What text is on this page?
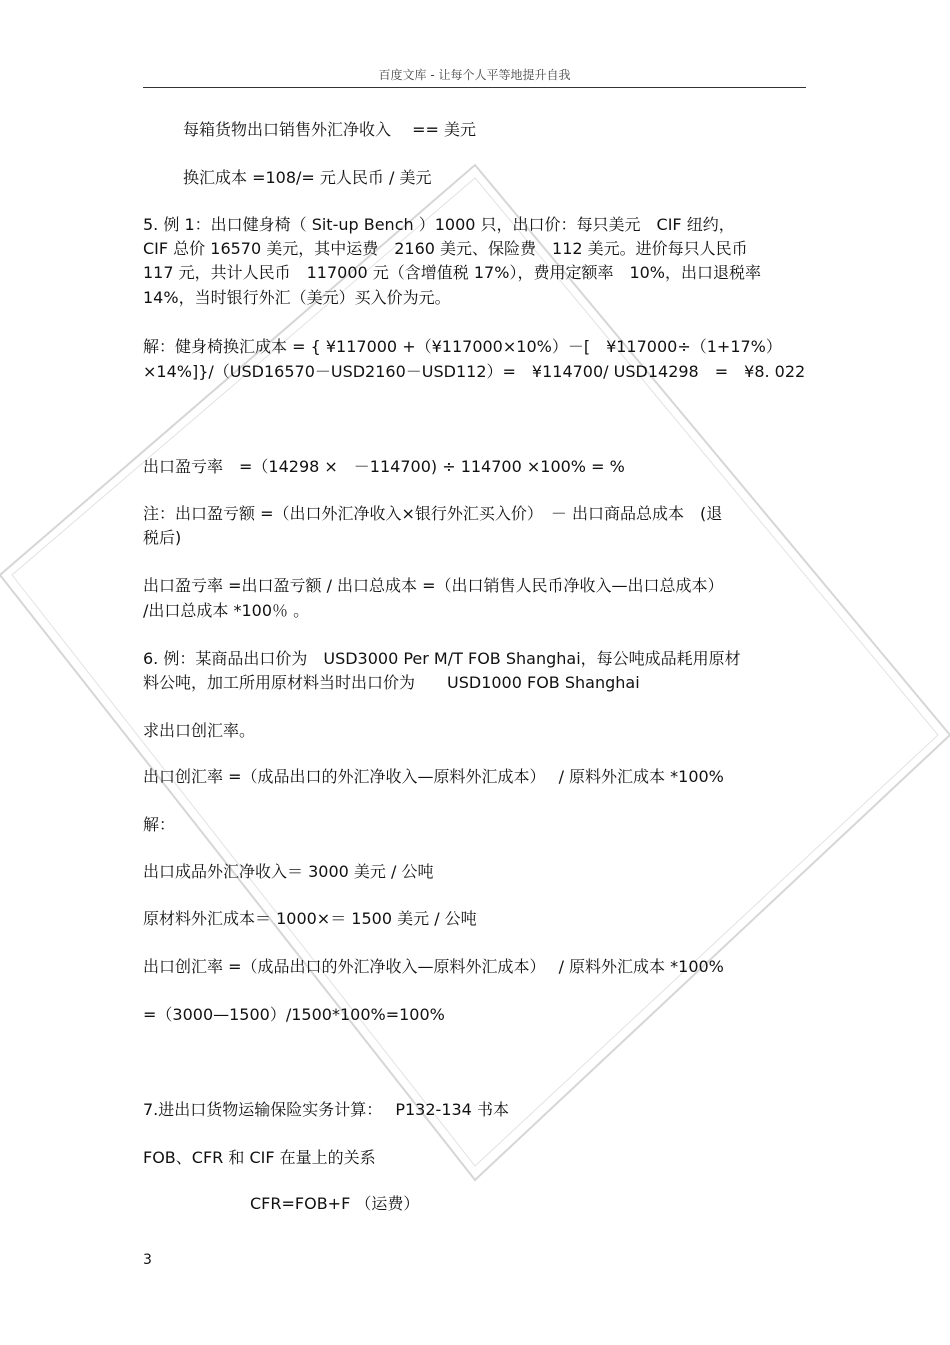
百度文库 - 让每个人平等地提升自我
每箱货物出口销售外汇净收入　 == 美元
换汇成本 =108/= 元人民币 / 美元
5. 例 1：出口健身椅（ Sit-up Bench ）1000 只，出口价：每只美元　CIF 纽约，
CIF 总价 16570 美元，其中运费　2160 美元、保险费　112 美元。进价每只人民币
117 元，共计人民币　117000 元（含增值税 17%），费用定额率　10%，出口退税率
14%，当时银行外汇（美元）买入价为元。
解：健身椅换汇成本 = { ¥117000 +（¥117000×10%）－[　¥117000÷（1+17%）
×14%]}/（USD16570－USD2160－USD112）=　¥114700/ USD14298　=　¥8. 022
出口盈亏率　=（14298 ×　－114700) ÷ 114700 ×100% = %
注：出口盈亏额 =（出口外汇净收入×银行外汇买入价）　－ 出口商品总成本　(退
税后)
出口盈亏率 =出口盈亏额 / 出口总成本 =（出口销售人民币净收入—出口总成本）
/出口总成本 *100％ 。
6. 例：某商品出口价为　USD3000 Per M/T FOB Shanghai，每公吨成品耗用原材
料公吨，加工所用原材料当时出口价为　　USD1000 FOB Shanghai
求出口创汇率。
出口创汇率 =（成品出口的外汇净收入—原料外汇成本）　 / 原料外汇成本 *100%
解：
出口成品外汇净收入＝ 3000 美元 / 公吨
原材料外汇成本＝ 1000×＝ 1500 美元 / 公吨
出口创汇率 =（成品出口的外汇净收入—原料外汇成本）　 / 原料外汇成本 *100%
=（3000—1500）/1500*100%=100%
7.进出口货物运输保险实务计算：　 P132-134 书本
FOB、CFR 和 CIF 在量上的关系
CFR=FOB+F （运费）
3
